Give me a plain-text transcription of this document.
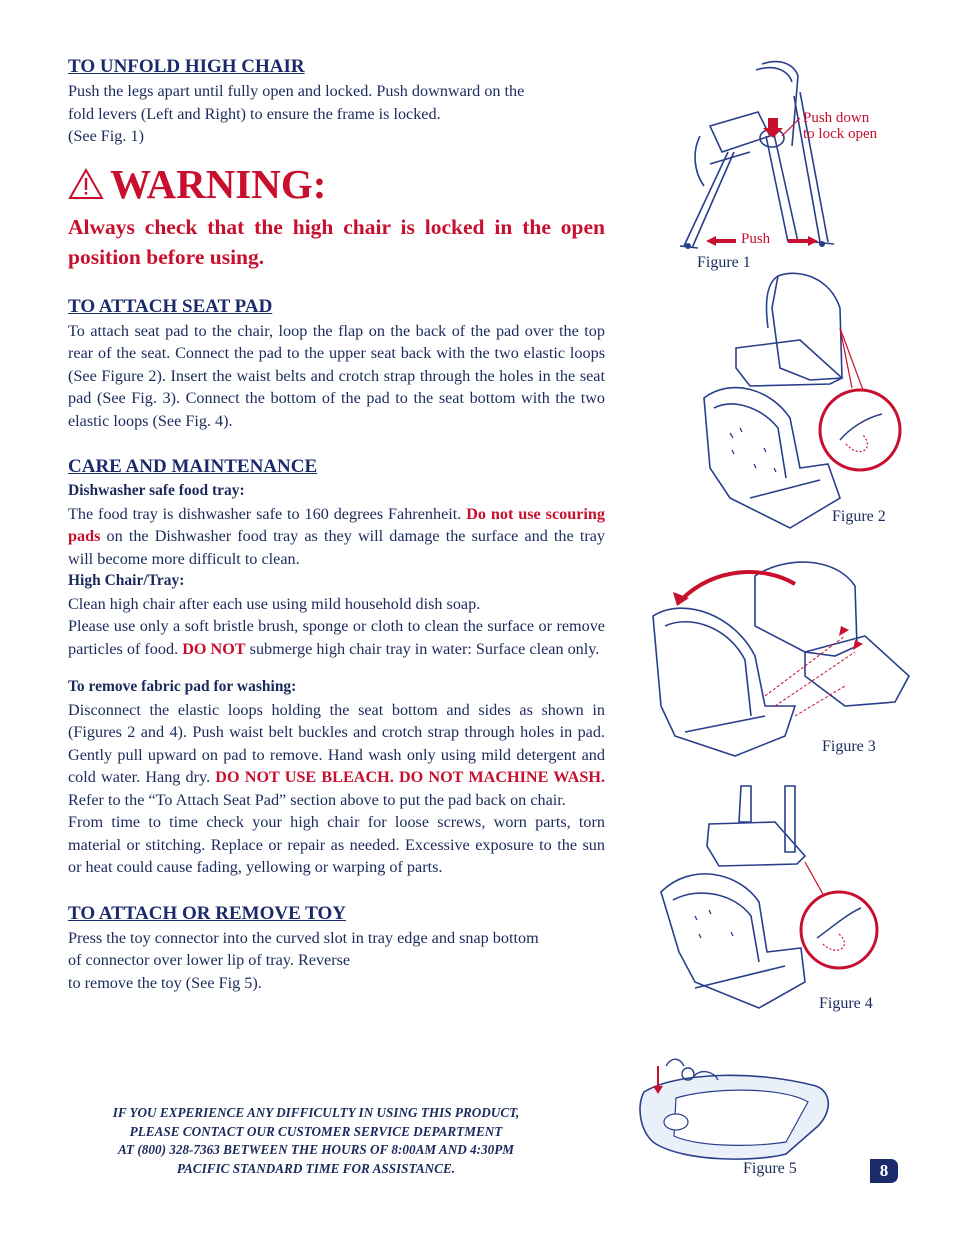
TO UNFOLD HIGH CHAIR

Push the legs apart until fully open and locked. Push downward on the
fold levers (Left and Right) to ensure the frame is locked.
(See Fig. 1)

WARNING:

Always check that the high chair is locked in the open position before using.

TO ATTACH SEAT PAD

To attach seat pad to the chair, loop the flap on the back of the pad over the top rear of the seat. Connect the pad to the upper seat back with the two elastic loops (See Figure 2). Insert the waist belts and crotch strap through the holes in the seat pad (See Fig. 3). Connect the bottom of the pad to the seat bottom with the two elastic loops (See Fig. 4).

CARE AND MAINTENANCE

Dishwasher safe food tray:

The food tray is dishwasher safe to 160 degrees Fahrenheit. Do not use scouring pads on the Dishwasher food tray as they will damage the surface and the tray will become more difficult to clean.

High Chair/Tray:

Clean high chair after each use using mild household dish soap.

Please use only a soft bristle brush, sponge or cloth to clean the surface or remove particles of food. DO NOT submerge high chair tray in water: Surface clean only.

To remove fabric pad for washing:

Disconnect the elastic loops holding the seat bottom and sides as shown in (Figures 2 and 4). Push waist belt buckles and crotch strap through holes in pad. Gently pull upward on pad to remove. Hand wash only using mild detergent and cold water. Hang dry. DO NOT USE BLEACH. DO NOT MACHINE WASH. Refer to the “To Attach Seat Pad” section above to put the pad back on chair.

From time to time check your high chair for loose screws, worn parts, torn material or stitching. Replace or repair as needed. Excessive exposure to the sun or heat could cause fading, yellowing or warping of parts.

TO ATTACH OR REMOVE TOY

Press the toy connector into the curved slot in tray edge and snap bottom
of connector over lower lip of tray. Reverse
to remove the toy (See Fig 5).

IF YOU EXPERIENCE ANY DIFFICULTY IN USING THIS PRODUCT,
PLEASE CONTACT OUR CUSTOMER SERVICE DEPARTMENT
AT (800) 328-7363 BETWEEN THE HOURS OF 8:00AM AND 4:30PM
PACIFIC STANDARD TIME FOR ASSISTANCE.
Push down
to lock open
Push
Figure 1
Figure 2
Figure 3
Figure 4
Figure 5	8
